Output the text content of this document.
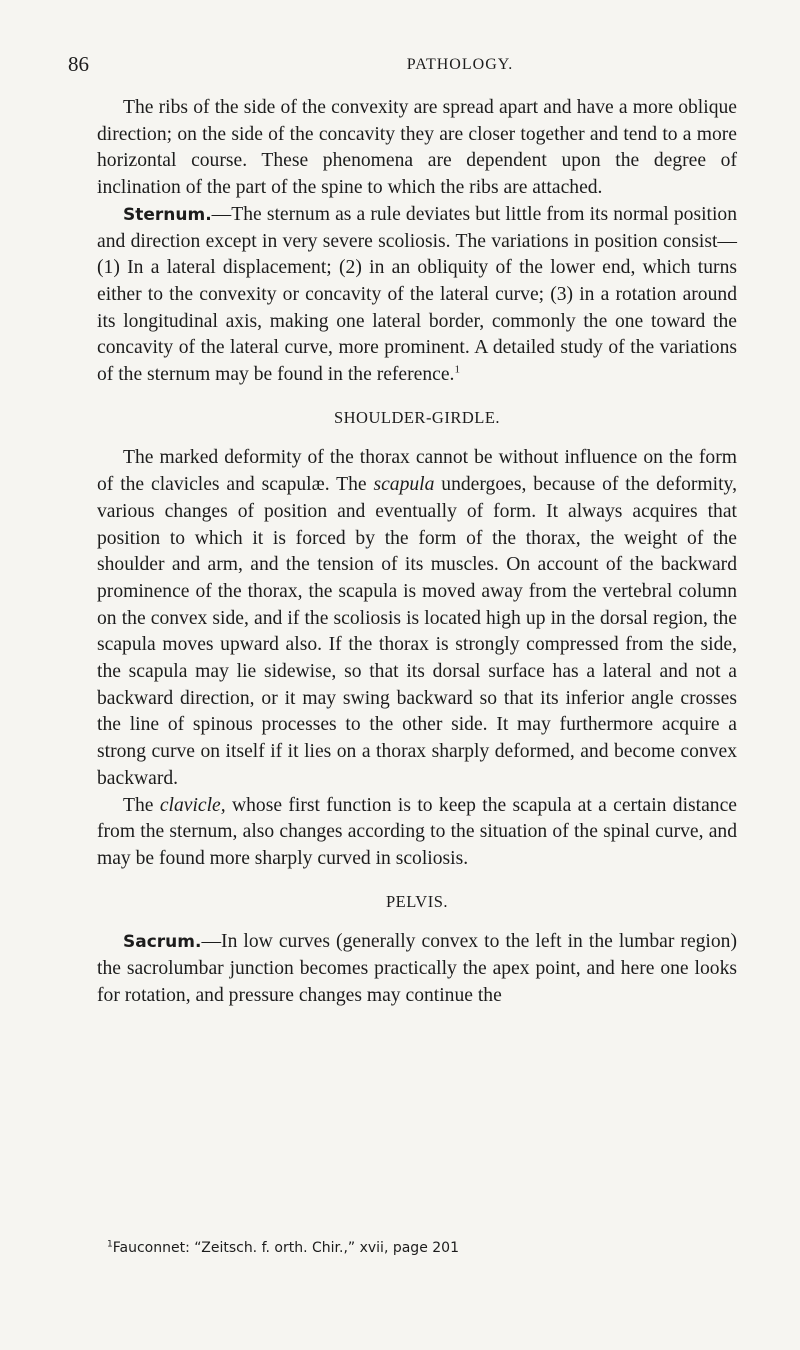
86	PATHOLOGY.

The ribs of the side of the convexity are spread apart and have a more oblique direction; on the side of the concavity they are closer together and tend to a more horizontal course. These phenomena are dependent upon the degree of inclination of the part of the spine to which the ribs are attached.

Sternum.—The sternum as a rule deviates but little from its normal position and direction except in very severe scoliosis. The variations in position consist—(1) In a lateral displacement; (2) in an obliquity of the lower end, which turns either to the convexity or concavity of the lateral curve; (3) in a rotation around its longitudinal axis, making one lateral border, commonly the one toward the concavity of the lateral curve, more prominent. A detailed study of the variations of the sternum may be found in the reference.$^1$

SHOULDER-GIRDLE.

The marked deformity of the thorax cannot be without influence on the form of the clavicles and scapulæ. The scapula undergoes, because of the deformity, various changes of position and eventually of form. It always acquires that position to which it is forced by the form of the thorax, the weight of the shoulder and arm, and the tension of its muscles. On account of the backward prominence of the thorax, the scapula is moved away from the vertebral column on the convex side, and if the scoliosis is located high up in the dorsal region, the scapula moves upward also. If the thorax is strongly compressed from the side, the scapula may lie sidewise, so that its dorsal surface has a lateral and not a backward direction, or it may swing backward so that its inferior angle crosses the line of spinous processes to the other side. It may furthermore acquire a strong curve on itself if it lies on a thorax sharply deformed, and become convex backward.

The clavicle, whose first function is to keep the scapula at a certain distance from the sternum, also changes according to the situation of the spinal curve, and may be found more sharply curved in scoliosis.

PELVIS.

Sacrum.—In low curves (generally convex to the left in the lumbar region) the sacrolumbar junction becomes practically the apex point, and here one looks for rotation, and pressure changes may continue the

$^1$Fauconnet: “Zeitsch. f. orth. Chir.,” xvii, page 201
